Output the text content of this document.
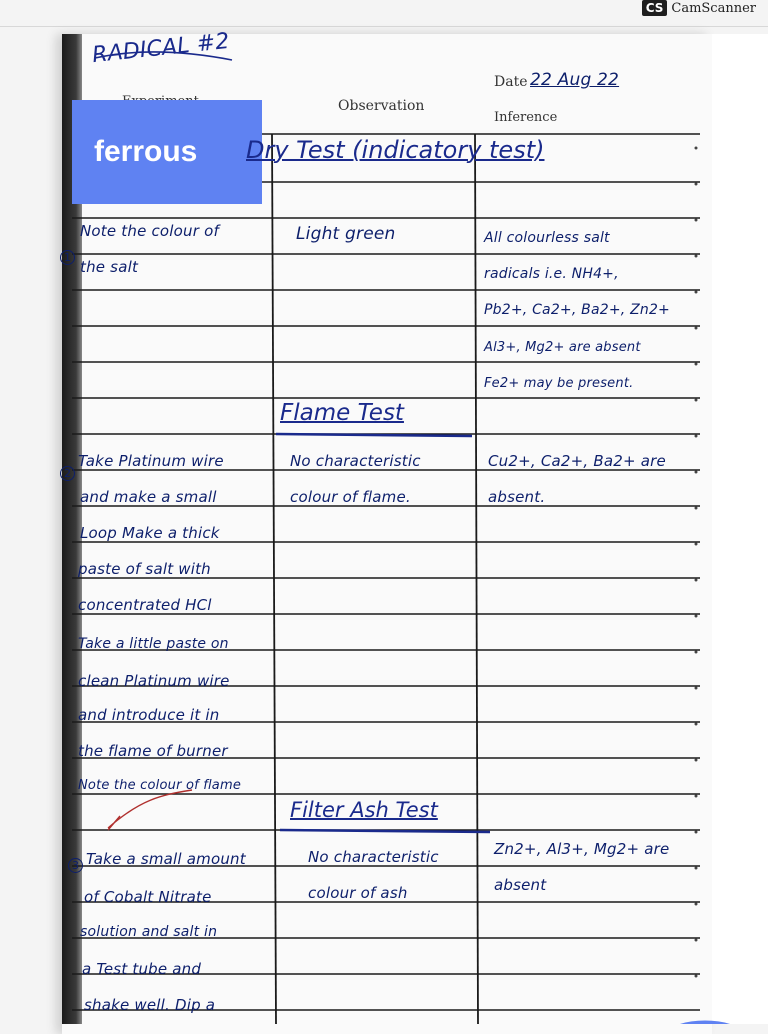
CS CamScanner
RADICAL #2
Date 22 Aug 22
Observation
Inference
ferrous	Dry Test (indicatory test)
Flame Test
Filter Ash Test
1
2
3
Note the colour of
the salt
Take Platinum wire
and make a small
Loop Make a thick
paste of salt with
concentrated HCl
Take a little paste on
clean Platinum wire
and introduce it in
the flame of burner
Note the colour of flame
Take a small amount
of Cobalt Nitrate
solution and salt in
a Test tube and
shake well. Dip a
Light green
No characteristic
colour of flame.
No characteristic
colour of ash
All colourless salt
radicals i.e. NH4+,
Pb2+, Ca2+, Ba2+, Zn2+
Al3+, Mg2+ are absent
Fe2+ may be present.
Cu2+, Ca2+, Ba2+ are
absent.
Zn2+, Al3+, Mg2+ are
absent
